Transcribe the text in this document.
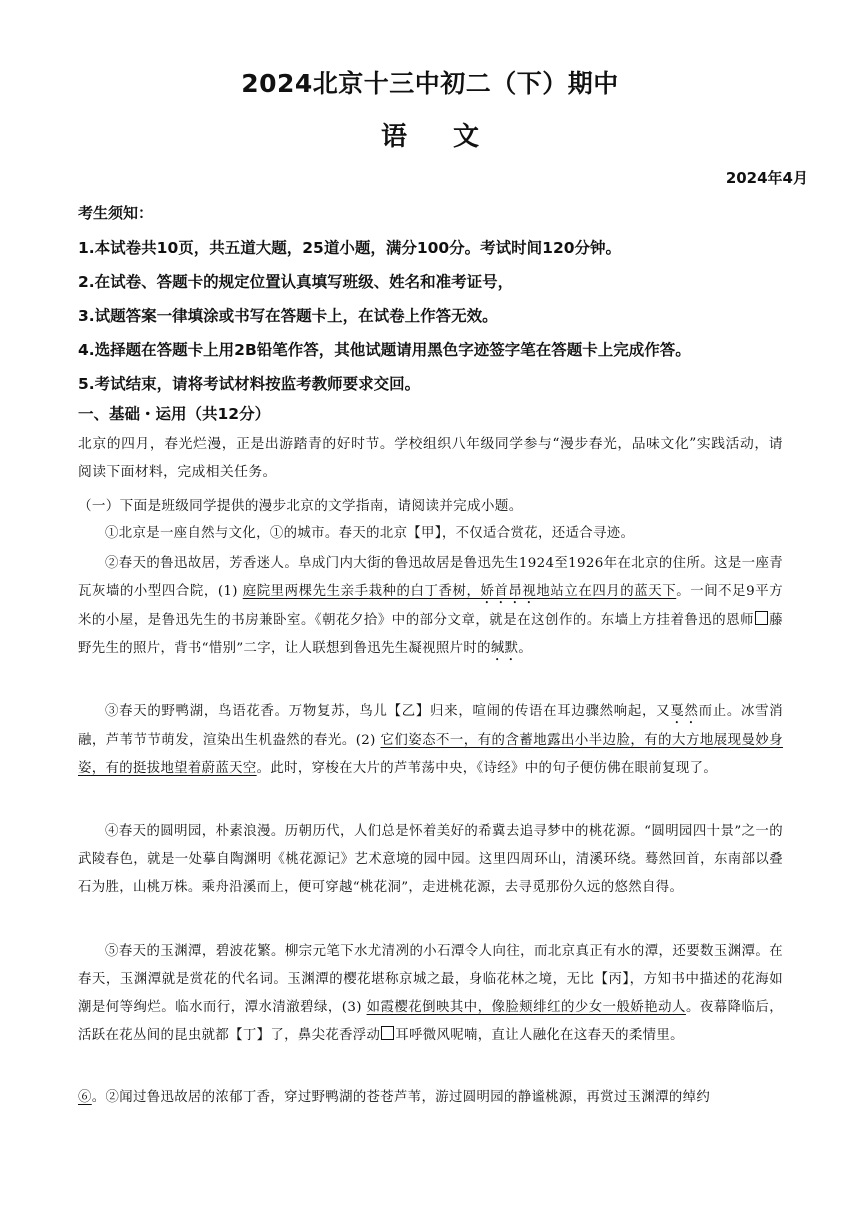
2024北京十三中初二（下）期中
语文
2024年4月
考生须知：
1.本试卷共10页，共五道大题，25道小题，满分100分。考试时间120分钟。
2.在试卷、答题卡的规定位置认真填写班级、姓名和准考证号，
3.试题答案一律填涂或书写在答题卡上，在试卷上作答无效。
4.选择题在答题卡上用2B铅笔作答，其他试题请用黑色字迹签字笔在答题卡上完成作答。
5.考试结束，请将考试材料按监考教师要求交回。
一、基础・运用（共12分）
北京的四月，春光烂漫，正是出游踏青的好时节。学校组织八年级同学参与“漫步春光，品味文化”实践活动，请阅读下面材料，完成相关任务。
（一）下面是班级同学提供的漫步北京的文学指南，请阅读并完成小题。
①北京是一座自然与文化，①的城市。春天的北京【甲】，不仅适合赏花，还适合寻迹。
②春天的鲁迅故居，芳香迷人。阜成门内大街的鲁迅故居是鲁迅先生1924至1926年在北京的住所。这是一座青瓦灰墙的小型四合院，(1) 庭院里两棵先生亲手栽种的白丁香树，娇首昂视地站立在四月的蓝天下。一间不足9平方米的小屋，是鲁迅先生的书房兼卧室。《朝花夕拾》中的部分文章，就是在这创作的。东墙上方挂着鲁迅的恩师 藤野先生的照片，背书“惜别”二字，让人联想到鲁迅先生凝视照片时的缄默。
③春天的野鸭湖，鸟语花香。万物复苏，鸟儿【乙】归来，喧闹的传语在耳边骤然响起，又戛然而止。冰雪消融，芦苇节节萌发，渲染出生机盎然的春光。(2) 它们姿态不一，有的含蓄地露出小半边脸，有的大方地展现曼妙身姿，有的挺拔地望着蔚蓝天空。此时，穿梭在大片的芦苇荡中央，《诗经》中的句子便仿佛在眼前复现了。
④春天的圆明园，朴素浪漫。历朝历代，人们总是怀着美好的希冀去追寻梦中的桃花源。“圆明园四十景”之一的武陵春色，就是一处摹自陶渊明《桃花源记》艺术意境的园中园。这里四周环山，清溪环绕。蓦然回首，东南部以叠石为胜，山桃万株。乘舟沿溪而上，便可穿越“桃花洞”，走进桃花源，去寻觅那份久远的悠然自得。
⑤春天的玉渊潭，碧波花繁。柳宗元笔下水尤清冽的小石潭令人向往，而北京真正有水的潭，还要数玉渊潭。在春天，玉渊潭就是赏花的代名词。玉渊潭的樱花堪称京城之最，身临花林之境，无比【丙】，方知书中描述的花海如潮是何等绚烂。临水而行，潭水清澈碧绿，(3) 如霞樱花倒映其中，像脸颊绯红的少女一般娇艳动人。夜幕降临后，活跃在花丛间的昆虫就都【丁】了，鼻尖花香浮动 耳呼微风呢喃，直让人融化在这春天的柔情里。
⑥。②闻过鲁迅故居的浓郁丁香，穿过野鸭湖的苍苍芦苇，游过圆明园的静谧桃源，再赏过玉渊潭的绰约
